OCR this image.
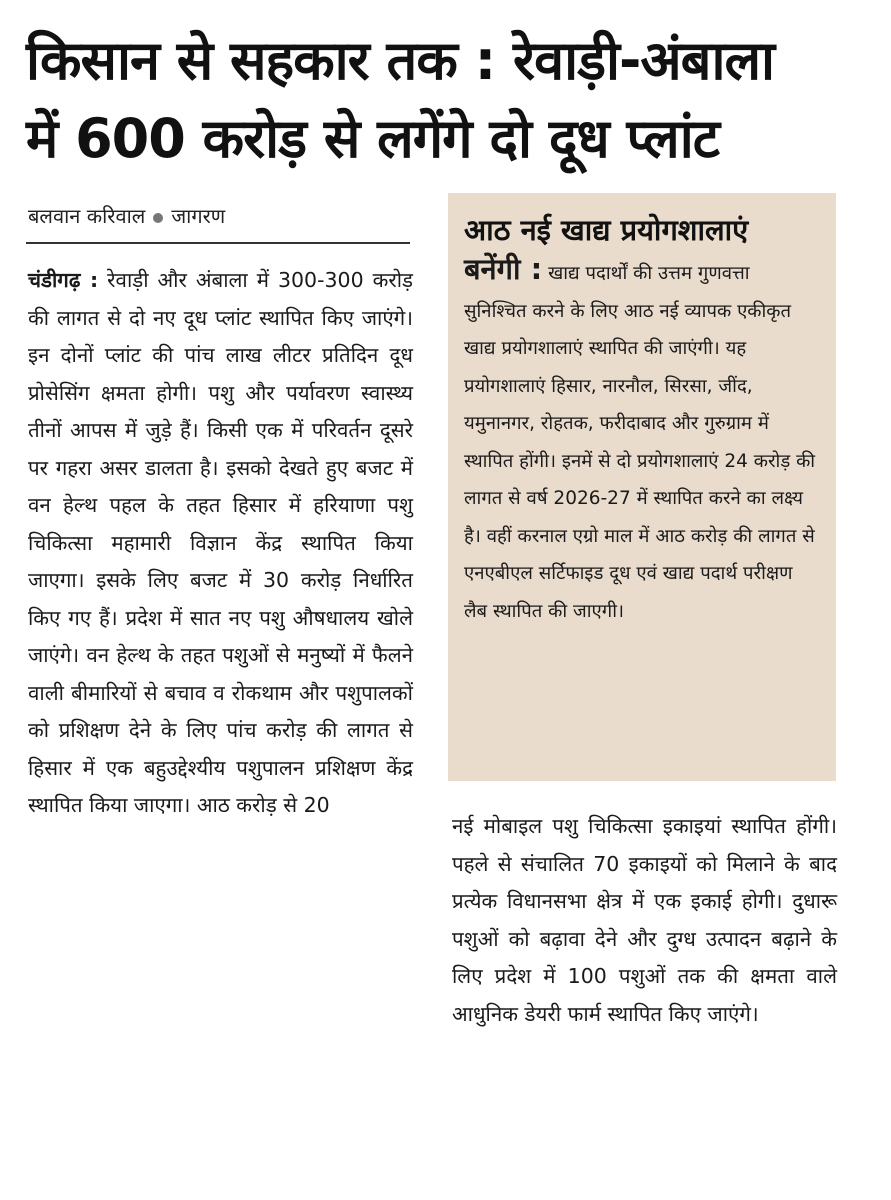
किसान से सहकार तक : रेवाड़ी-अंबाला
में 600 करोड़ से लगेंगे दो दूध प्लांट
बलवान करिवाल जागरण
चंडीगढ़ : रेवाड़ी और अंबाला में 300-300 करोड़ की लागत से दो नए दूध प्लांट स्थापित किए जाएंगे। इन दोनों प्लांट की पांच लाख लीटर प्रतिदिन दूध प्रोसेसिंग क्षमता होगी। पशु और पर्यावरण स्वास्थ्य तीनों आपस में जुड़े हैं। किसी एक में परिवर्तन दूसरे पर गहरा असर डालता है। इसको देखते हुए बजट में वन हेल्थ पहल के तहत हिसार में हरियाणा पशु चिकित्सा महामारी विज्ञान केंद्र स्थापित किया जाएगा। इसके लिए बजट में 30 करोड़ निर्धारित किए गए हैं। प्रदेश में सात नए पशु औषधालय खोले जाएंगे। वन हेल्थ के तहत पशुओं से मनुष्यों में फैलने वाली बीमारियों से बचाव व रोकथाम और पशुपालकों को प्रशिक्षण देने के लिए पांच करोड़ की लागत से हिसार में एक बहुउद्देश्यीय पशुपालन प्रशिक्षण केंद्र स्थापित किया जाएगा। आठ करोड़ से 20
आठ नई खाद्य प्रयोगशालाएं
बनेंगी : खाद्य पदार्थों की उत्तम गुणवत्ता सुनिश्चित करने के लिए आठ नई व्यापक एकीकृत खाद्य प्रयोगशालाएं स्थापित की जाएंगी। यह प्रयोगशालाएं हिसार, नारनौल, सिरसा, जींद, यमुनानगर, रोहतक, फरीदाबाद और गुरुग्राम में स्थापित होंगी। इनमें से दो प्रयोगशालाएं 24 करोड़ की लागत से वर्ष 2026-27 में स्थापित करने का लक्ष्य है। वहीं करनाल एग्रो माल में आठ करोड़ की लागत से एनएबीएल सर्टिफाइड दूध एवं खाद्य पदार्थ परीक्षण लैब स्थापित की जाएगी।
नई मोबाइल पशु चिकित्सा इकाइयां स्थापित होंगी। पहले से संचालित 70 इकाइयों को मिलाने के बाद प्रत्येक विधानसभा क्षेत्र में एक इकाई होगी। दुधारू पशुओं को बढ़ावा देने और दुग्ध उत्पादन बढ़ाने के लिए प्रदेश में 100 पशुओं तक की क्षमता वाले आधुनिक डेयरी फार्म स्थापित किए जाएंगे।
